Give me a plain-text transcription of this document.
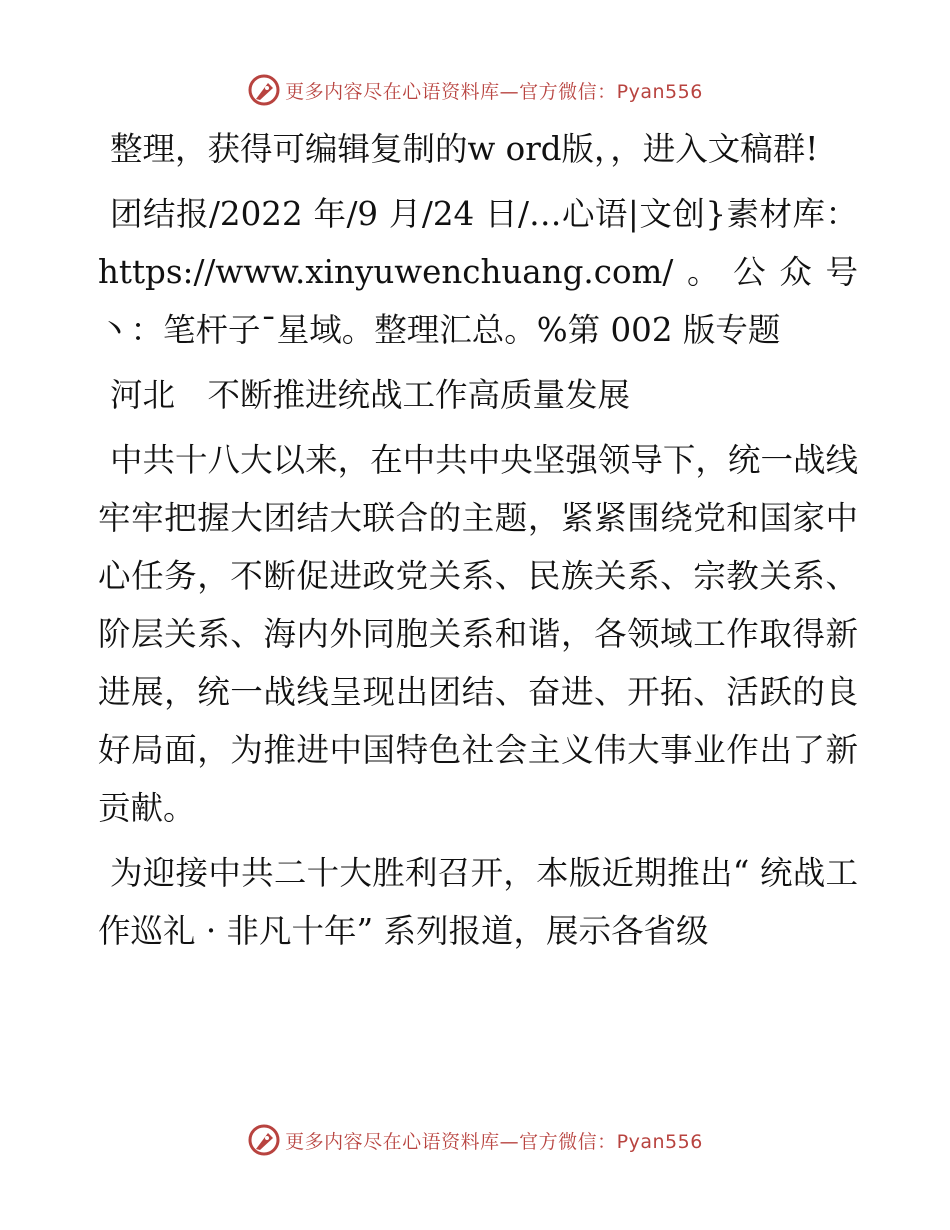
更多内容尽在心语资料库—官方微信：Pyan556

整理，获得可编辑复制的w ord版，，进入文稿群!

团结报/2022 年/9 月/24 日/…心语|文创}素材库：https://www.xinyuwenchuang.com/。公众号丶：笔杆子¯星域。整理汇总。%第 002 版专题

河北　不断推进统战工作高质量发展

中共十八大以来，在中共中央坚强领导下，统一战线牢牢把握大团结大联合的主题，紧紧围绕党和国家中心任务，不断促进政党关系、民族关系、宗教关系、阶层关系、海内外同胞关系和谐，各领域工作取得新进展，统一战线呈现出团结、奋进、开拓、活跃的良好局面，为推进中国特色社会主义伟大事业作出了新贡献。

为迎接中共二十大胜利召开，本版近期推出“ 统战工作巡礼 · 非凡十年” 系列报道，展示各省级

更多内容尽在心语资料库—官方微信：Pyan556
